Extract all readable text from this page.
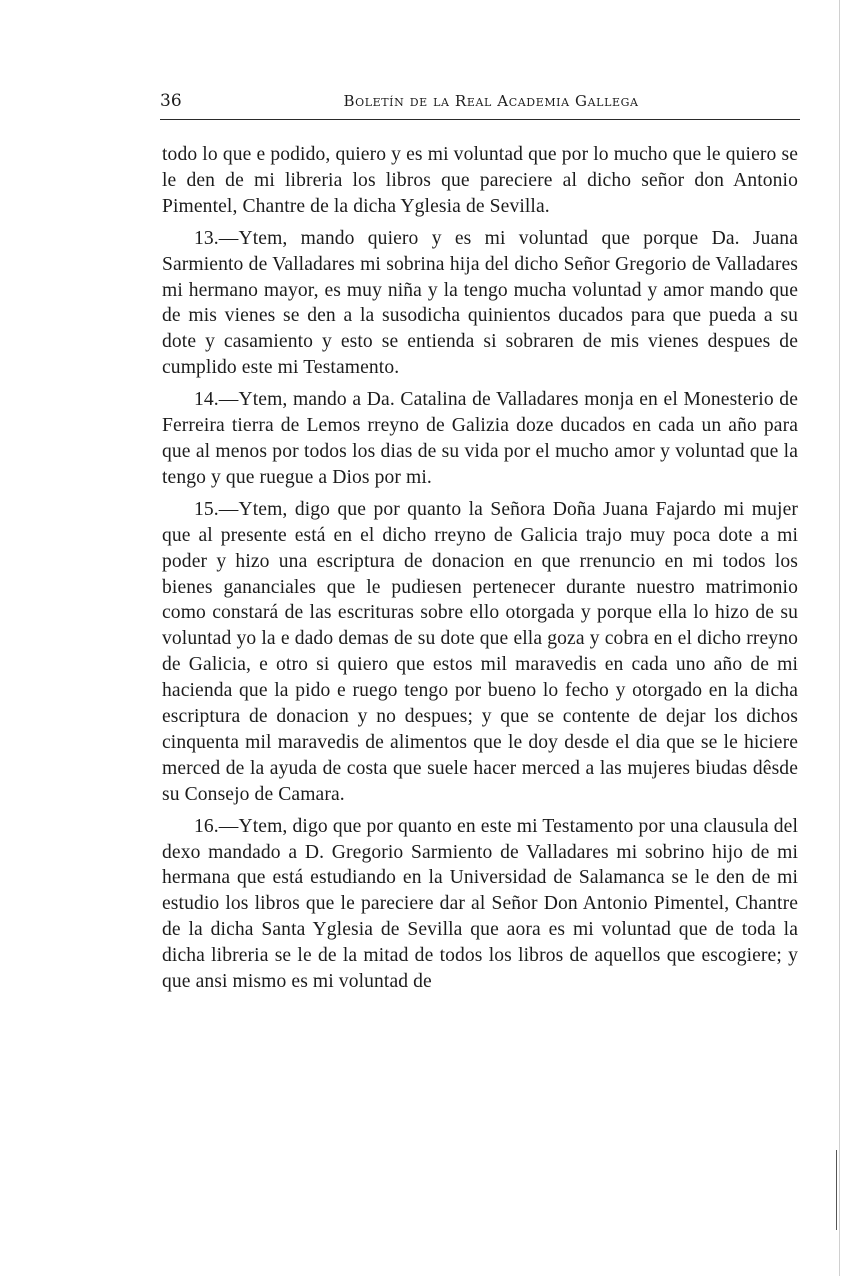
36	Boletín de la Real Academia Gallega

todo lo que e podido, quiero y es mi voluntad que por lo mucho que le quiero se le den de mi libreria los libros que pareciere al dicho señor don Antonio Pimentel, Chantre de la dicha Yglesia de Sevilla.

13.—Ytem, mando quiero y es mi voluntad que porque Da. Juana Sarmiento de Valladares mi sobrina hija del dicho Señor Gregorio de Valladares mi hermano mayor, es muy niña y la tengo mucha voluntad y amor mando que de mis vienes se den a la susodicha quinientos ducados para que pueda a su dote y casamiento y esto se entienda si sobraren de mis vienes despues de cumplido este mi Testamento.

14.—Ytem, mando a Da. Catalina de Valladares monja en el Monesterio de Ferreira tierra de Lemos rreyno de Galizia doze ducados en cada un año para que al menos por todos los dias de su vida por el mucho amor y voluntad que la tengo y que ruegue a Dios por mi.

15.—Ytem, digo que por quanto la Señora Doña Juana Fajardo mi mujer que al presente está en el dicho rreyno de Galicia trajo muy poca dote a mi poder y hizo una escriptura de donacion en que rrenuncio en mi todos los bienes gananciales que le pudiesen pertenecer durante nuestro matrimonio como constará de las escrituras sobre ello otorgada y porque ella lo hizo de su voluntad yo la e dado demas de su dote que ella goza y cobra en el dicho rreyno de Galicia, e otro si quiero que estos mil maravedis en cada uno año de mi hacienda que la pido e ruego tengo por bueno lo fecho y otorgado en la dicha escriptura de donacion y no despues; y que se contente de dejar los dichos cinquenta mil maravedis de alimentos que le doy desde el dia que se le hiciere merced de la ayuda de costa que suele hacer merced a las mujeres biudas dêsde su Consejo de Camara.

16.—Ytem, digo que por quanto en este mi Testamento por una clausula del dexo mandado a D. Gregorio Sarmiento de Valladares mi sobrino hijo de mi hermana que está estudiando en la Universidad de Salamanca se le den de mi estudio los libros que le pareciere dar al Señor Don Antonio Pimentel, Chantre de la dicha Santa Yglesia de Sevilla que aora es mi voluntad que de toda la dicha libreria se le de la mitad de todos los libros de aquellos que escogiere; y que ansi mismo es mi voluntad de
